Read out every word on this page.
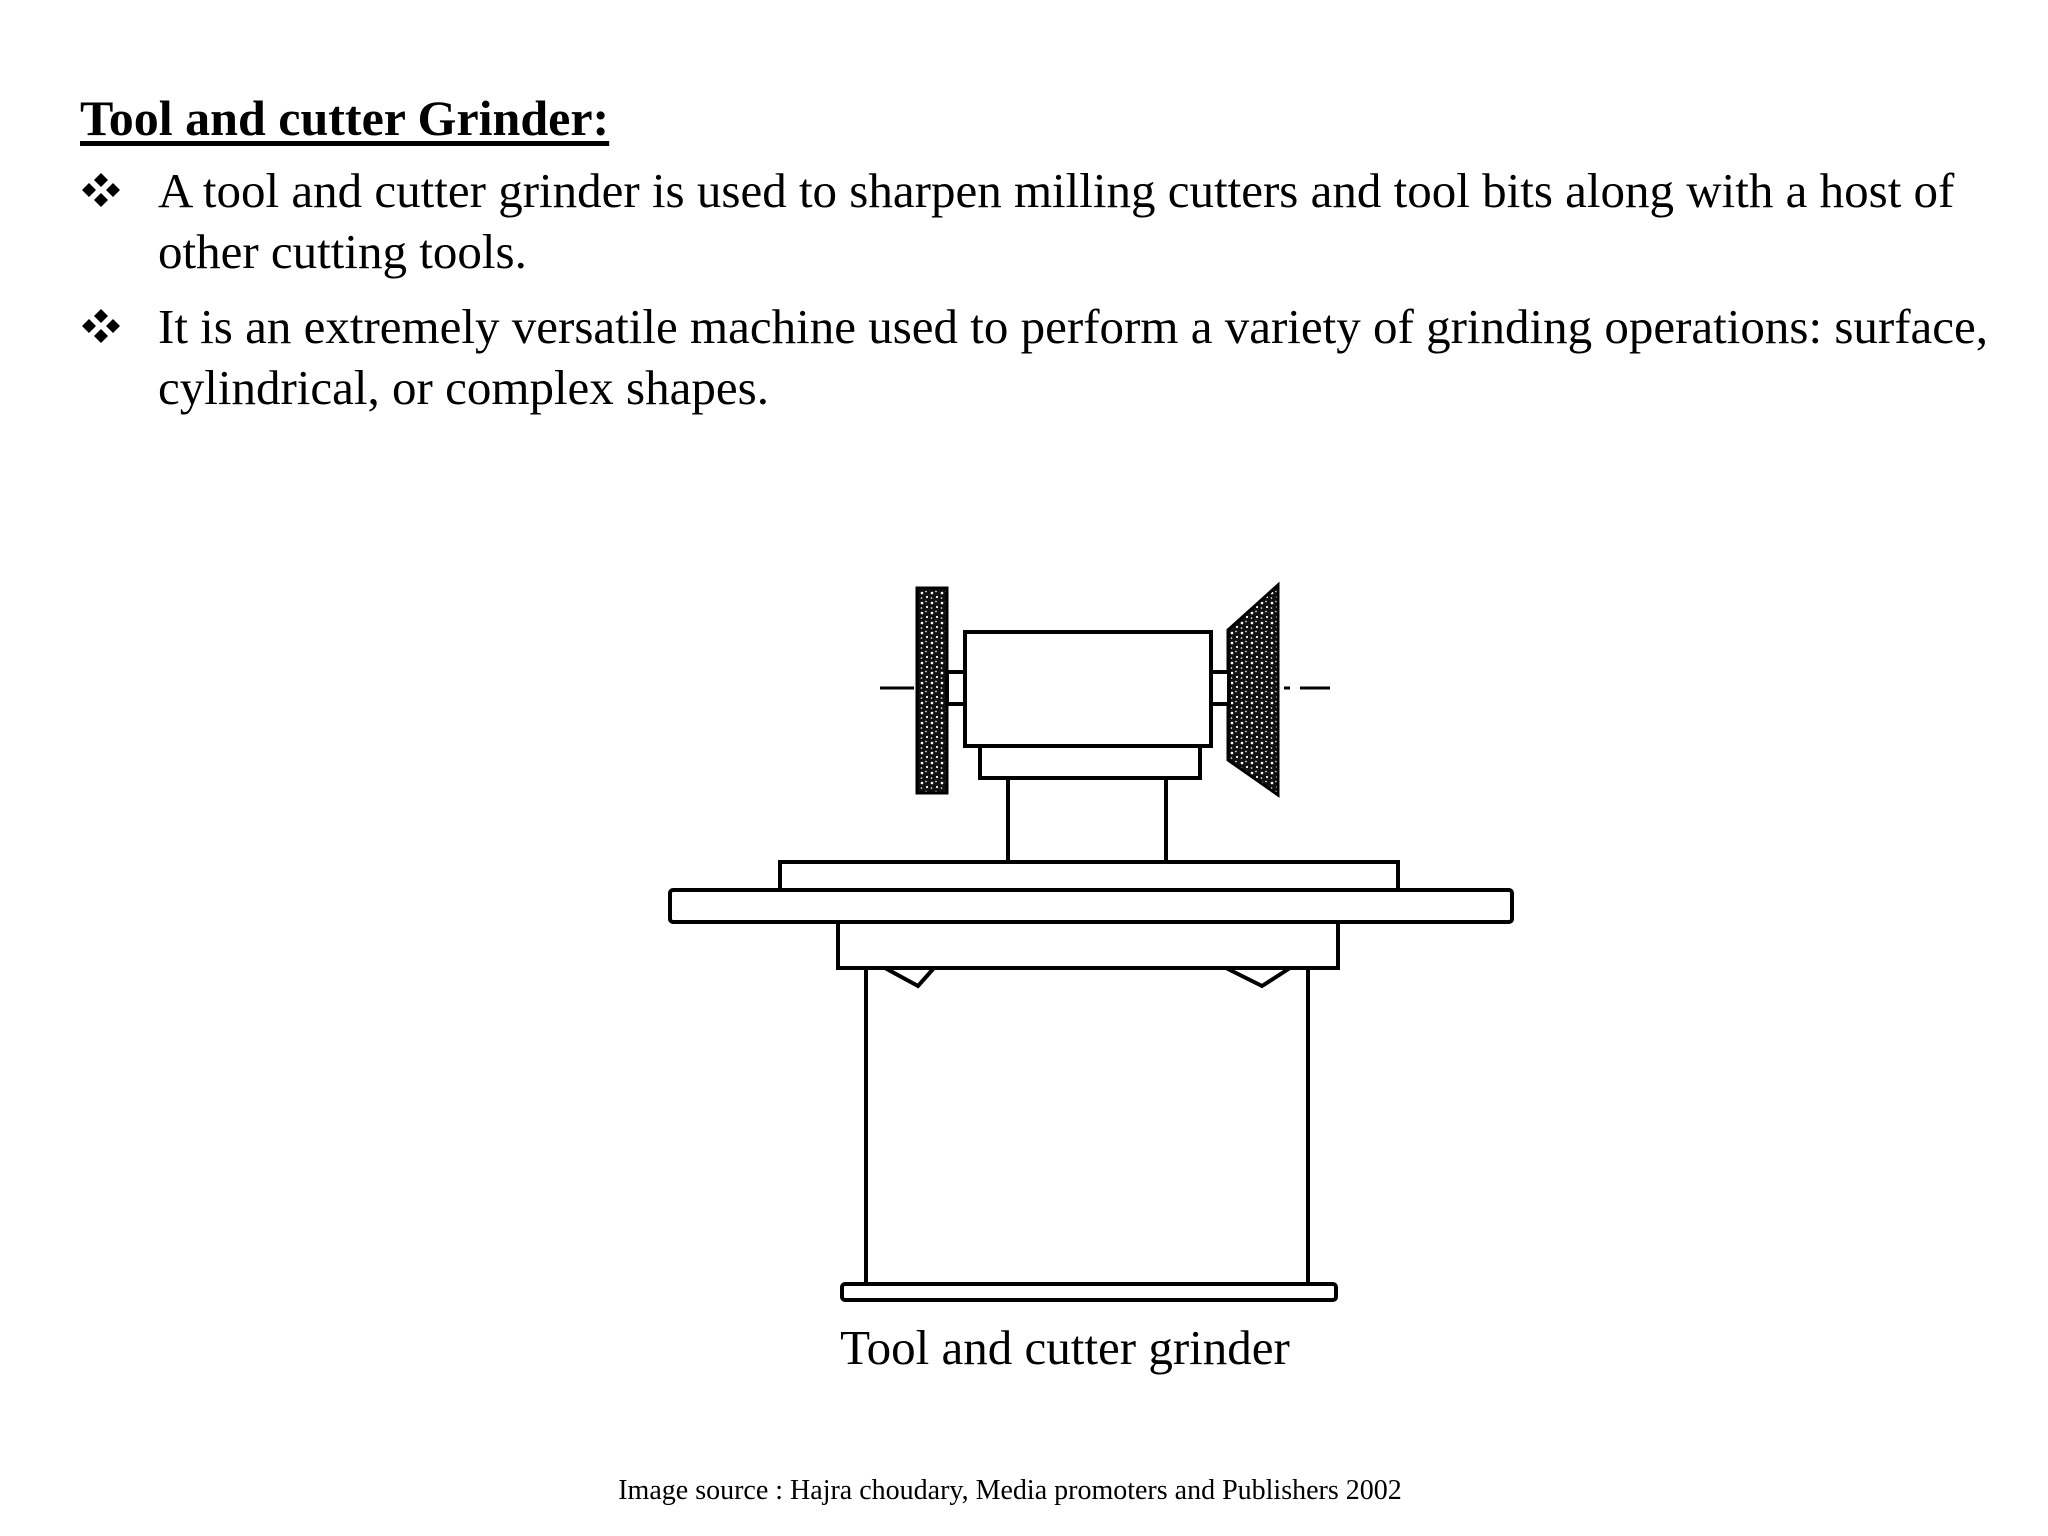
Tool and cutter Grinder:
A tool and cutter grinder is used to sharpen milling cutters and tool bits along with a host of other cutting tools.
It is an extremely versatile machine used to perform a variety of grinding operations: surface, cylindrical, or complex shapes.
Tool and cutter grinder
Image source : Hajra choudary, Media promoters and Publishers 2002
